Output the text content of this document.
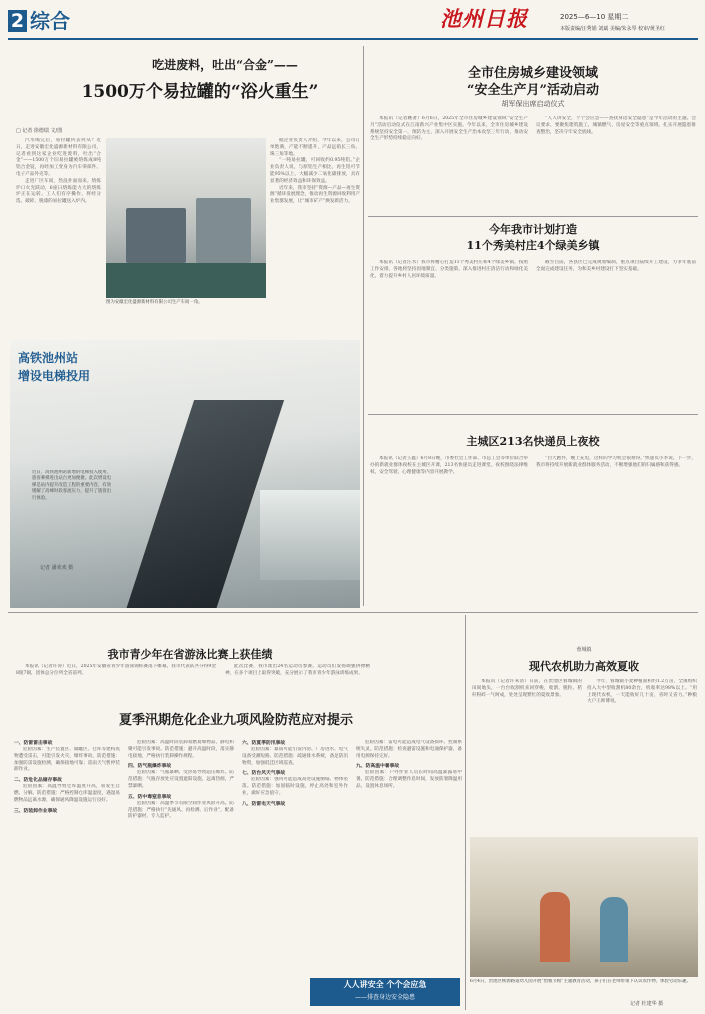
2 综合	池州日报	2025—6—10 星期二
本版责编/汪秀娟 刘斌 美编/朱永琴 校审/黄圣红
吃进废料，吐出“合金”——
1500万个易拉罐的“浴火重生”
□ 记者 徐德瑞 文/图

汽水喝完后，易拉罐何去何从？近日，走进安徽宏化盛源新材料有限公司，记者看到这家企业吃进废料，吐出“合金”——1500万个旧易拉罐被熔炼成8吨铝合金锭，再经加工变身为汽车零部件、电子产品外壳等。

走进厂区车间，热浪扑面而来。熔炼炉口火光跃动，6座日熔炼能力大的熔炼炉正在运转。工人们有序操作，将经分选、破碎、脱漆的易拉罐送入炉内。

图为安徽宏化盛源新材料有限公司生产车间一角。

据企业负责人介绍，今年以来，公司订单饱满，产能不断提升，产品远销长三角、珠三角等地。

“一吨易拉罐，可回收约0.95吨铝。”企业负责人说，与原铝生产相比，再生铝可节能95%以上，大幅减少二氧化碳排放，具有显著的经济效益和环保效益。

近年来，我市坚持“资源—产品—再生资源”循环发展理念，推动再生资源回收利用产业集群发展，让“城市矿产”焕发新活力。

全市住房城乡建设领域
“安全生产月”活动启动
胡军保出席启动仪式
本报讯（记者姚著）6月6日，2025年全市住房城乡建设领域“安全生产月”活动启动仪式在江南新兴产业集中区实施。今年以来，全市住房城乡建设系统坚持安全第一、预防为主，深入开展安全生产治本攻坚三年行动，推动安全生产形势持续稳定向好。
“人人讲安全，个个会应急——查找身边安全隐患”是今年活动的主题。会议要求，要聚焦建筑施工、城镇燃气、房屋安全等重点领域，扎实开展隐患排查整治，坚决守牢安全底线。
今年我市计划打造
11个秀美村庄4个绿美乡镇
本报讯（记者汪水）我市将精心打造11个秀美村庄和4个绿美乡镇。按照工作安排，各地将坚持因地制宜、分类施策，深入推进村庄清洁行动和绿化美化，着力提升乡村人居环境质量。
截至目前，各县区已完成规划编制，重点项目陆续开工建设，力争年底前全面完成建设任务，为和美乡村建设打下坚实基础。
主城区213名快递员上夜校
本报讯（记者王鑫）6月8日晚，市委社会工作部、市总工会等单位联合举办的新就业群体夜校在主城区开课，213名快递员走进课堂。夜校围绕法律维权、安全驾驶、心理健康等内容开展教学。
“白天跑件，晚上充电，这样的学习机会很难得。”快递员小李说。下一步，我市将持续开展新就业群体服务活动，不断增强他们的归属感和获得感。
高铁池州站
增设电梯投用
近日，高铁池州站新增的电梯投入使用，旅客乘梯进出站台更加便捷。此次增设电梯是站内提升改造工程的重要内容，有效缓解了高峰时段客流压力，提升了旅客出行体验。
记者 潘欢欢 摄
我市青少年在省游泳比赛上获佳绩
本报讯（记者许涛）近日，2025年安徽省青少年游泳锦标赛落下帷幕，我市代表队共夺得9金8银7铜，团体总分位列全省前列。
此次比赛，我市派出24名运动员参赛。运动员们发扬顽强拼搏精神，在多个项目上取得突破，充分展示了我市青少年游泳训练成果。
蓉城镇
现代农机助力高效夏收
本报讯（记者许朱清）日前，在贵池区蓉城镇的田间地头，一台台收割机来回穿梭，收割、脱粒、秸秆粉碎一气呵成，处处呈现繁忙的夏收景象。
今年，蓉城镇小麦种植面积约1.2万亩，全镇组织投入大中型收割机80余台，机收率达98%以上。“用上现代农机，一天能收好几十亩，省时又省力。”种粮大户王师傅说。
6月4日，贵池区桃源路道幼儿园开展“惜粮节粮”主题教育活动，孩子们在老师带领下认识农作物，体验劳动乐趣。
记者 杜建华 摄
夏季汛期危化企业九项风险防范应对提示
一、防雷雷击事故
危险因素：生产装置区、储罐区、仓库等建构筑物遭受雷击，可能引发火灾、爆炸事故。防范措施：加强防雷设施检测，确保接地可靠；雷雨天气暂停装卸作业。
二、防危化品储存事故
危险因素：高温导致仓库温度升高，易发生自燃、分解。防范措施：严格控制仓库温湿度，遇湿易燃物品远离水源，确保通风降温设施运行良好。
三、防装卸作业事故
危险因素：高温时段装卸易燃易爆物品，静电积聚可能引发事故。防范措施：避开高温时段，落实静电接地，严格执行装卸操作规程。
四、防气瓶爆炸事故
危险因素：气瓶暴晒、受热易导致超压爆炸。防范措施：气瓶存放处应设置遮阳设施，远离热源，严禁暴晒。
五、防中毒窒息事故
危险因素：高温季节有限空间作业风险升高。防范措施：严格执行“先通风、再检测、后作业”，配备防护器材，专人监护。
六、防夏季防汛事故
危险因素：暴雨可能引发内涝、厂房进水、电气设备受潮短路。防范措施：疏通排水系统，备足防汛物资，加强低洼区域巡查。
七、防台风天气事故
危险因素：强风可能造成高处设施倒塌、物体坠落。防范措施：加固临时设施，停止高处和室外作业，做好应急值守。
八、防雷电天气事故
危险因素：雷电可能造成电气设备损坏、控制系统失灵。防范措施：检查避雷设施和电涌保护器，备用电源保持完好。
九、防高温中暑事故
危险因素：户外作业人员长时间高温暴露易中暑。防范措施：合理调整作息时间，发放防暑降温用品，设置休息场所。
人人讲安全 个个会应急
——排查身边安全隐患
